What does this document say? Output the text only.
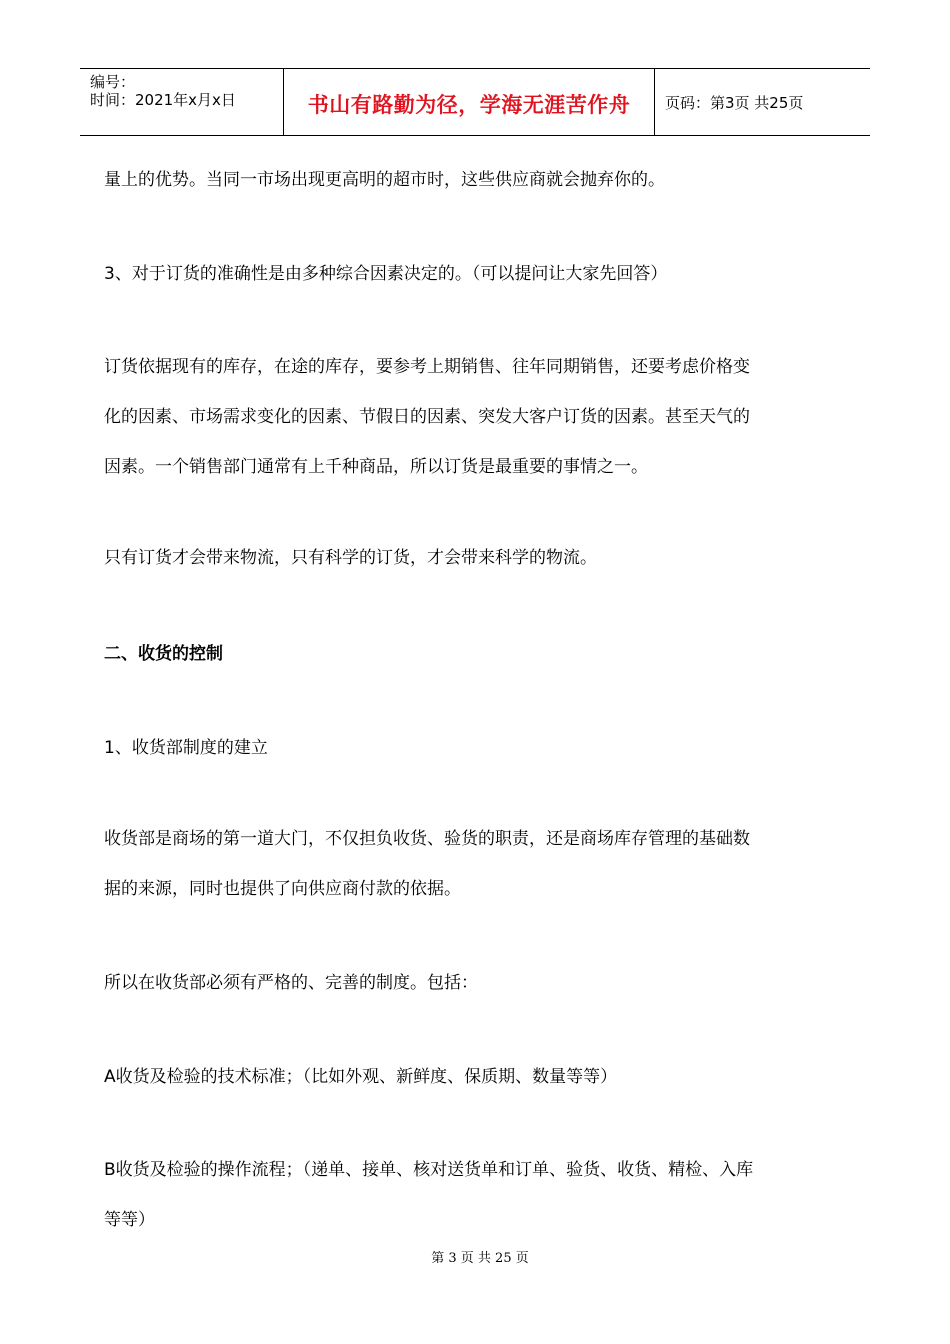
编号：
时间：2021年x月x日	书山有路勤为径，学海无涯苦作舟 页码：第3页 共25页

量上的优势。当同一市场出现更高明的超市时，这些供应商就会抛弃你的。

3、对于订货的准确性是由多种综合因素决定的。（可以提问让大家先回答）

订货依据现有的库存，在途的库存，要参考上期销售、往年同期销售，还要考虑价格变

化的因素、市场需求变化的因素、节假日的因素、突发大客户订货的因素。甚至天气的

因素。一个销售部门通常有上千种商品，所以订货是最重要的事情之一。

只有订货才会带来物流，只有科学的订货，才会带来科学的物流。

二、收货的控制

1、收货部制度的建立

收货部是商场的第一道大门，不仅担负收货、验货的职责，还是商场库存管理的基础数

据的来源，同时也提供了向供应商付款的依据。

所以在收货部必须有严格的、完善的制度。包括：

A收货及检验的技术标准；（比如外观、新鲜度、保质期、数量等等）

B收货及检验的操作流程；（递单、接单、核对送货单和订单、验货、收货、精检、入库

等等）

第 3 页 共 25 页
